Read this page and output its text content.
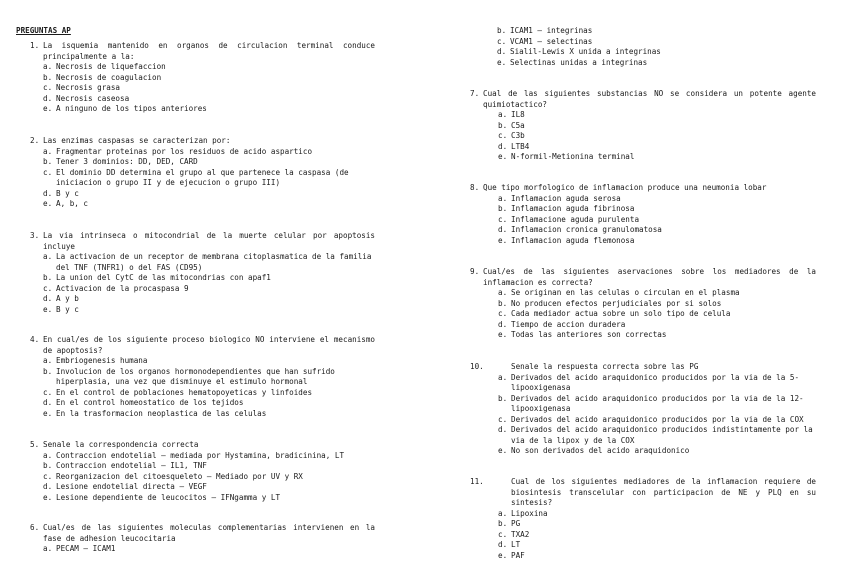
PREGUNTAS AP
1. La isquemia mantenido en organos de circulacion terminal conduce principalmente a la:
a. Necrosis de liquefaccion
b. Necrosis de coagulacion
c. Necrosis grasa
d. Necrosis caseosa
e. A ninguno de los tipos anteriores
2. Las enzimas caspasas se caracterizan por:
a. Fragmentar proteinas por los residuos de acido aspartico
b. Tener 3 dominios: DD, DED, CARD
c. El dominio DD determina el grupo al que partenece la caspasa (de iniciacion o grupo II y de ejecucion o grupo III)
d. B y c
e. A, b, c
3. La via intrinseca o mitocondrial de la muerte celular por apoptosis incluye
a. La activacion de un receptor de membrana citoplasmatica de la familia del TNF (TNFR1) o del FAS (CD95)
b. La union del CytC de las mitocondrias con apaf1
c. Activacion de la procaspasa 9
d. A y b
e. B y c
4. En cual/es de los siguiente proceso biologico NO interviene el mecanismo de apoptosis?
a. Embriogenesis humana
b. Involucion de los organos hormonodependientes que han sufrido hiperplasia, una vez que disminuye el estimulo hormonal
c. En el control de poblaciones hematopoyeticas y linfoides
d. En el control homeostatico de los tejidos
e. En la trasformacion neoplastica de las celulas
5. Senale la correspondencia correcta
a. Contraccion endotelial – mediada por Hystamina, bradicinina, LT
b. Contraccion endotelial – IL1, TNF
c. Reorganizacion del citoesqueleto – Mediado por UV y RX
d. Lesione endotelial directa – VEGF
e. Lesione dependiente de leucocitos – IFNgamma y LT
6. Cual/es de las siguientes moleculas complementarias intervienen en la fase de adhesion leucocitaria
a. PECAM – ICAM1
b. ICAM1 – integrinas
c. VCAM1 – selectinas
d. Sialil-Lewis X unida a integrinas
e. Selectinas unidas a integrinas
7. Cual de las siguientes substancias NO se considera un potente agente quimiotactico?
a. IL8
b. C5a
c. C3b
d. LTB4
e. N-formil-Metionina terminal
8. Que tipo morfologico de inflamacion produce una neumonia lobar
a. Inflamacion aguda serosa
b. Inflamacion aguda fibrinosa
c. Inflamacione aguda purulenta
d. Inflamacion cronica granulomatosa
e. Inflamacion aguda flemonosa
9. Cual/es de las siguientes aservaciones sobre los mediadores de la inflamacion es correcta?
a. Se originan en las celulas o circulan en el plasma
b. No producen efectos perjudiciales por si solos
c. Cada mediador actua sobre un solo tipo de celula
d. Tiempo de accion duradera
e. Todas las anteriores son correctas
10.	Senale la respuesta correcta sobre las PG
a. Derivados del acido araquidonico producidos por la via de la 5-lipooxigenasa
b. Derivados del acido araquidonico producidos por la via de la 12-lipooxigenasa
c. Derivados del acido araquidonico producidos por la via de la COX
d. Derivados del acido araquidonico producidos indistintamente por la via de la lipox y de la COX
e. No son derivados del acido araquidonico
11.	Cual de los siguientes mediadores de la inflamacion requiere de biosintesis transcelular con participacion de NE y PLQ en su sintesis?
a. Lipoxina
b. PG
c. TXA2
d. LT
e. PAF
